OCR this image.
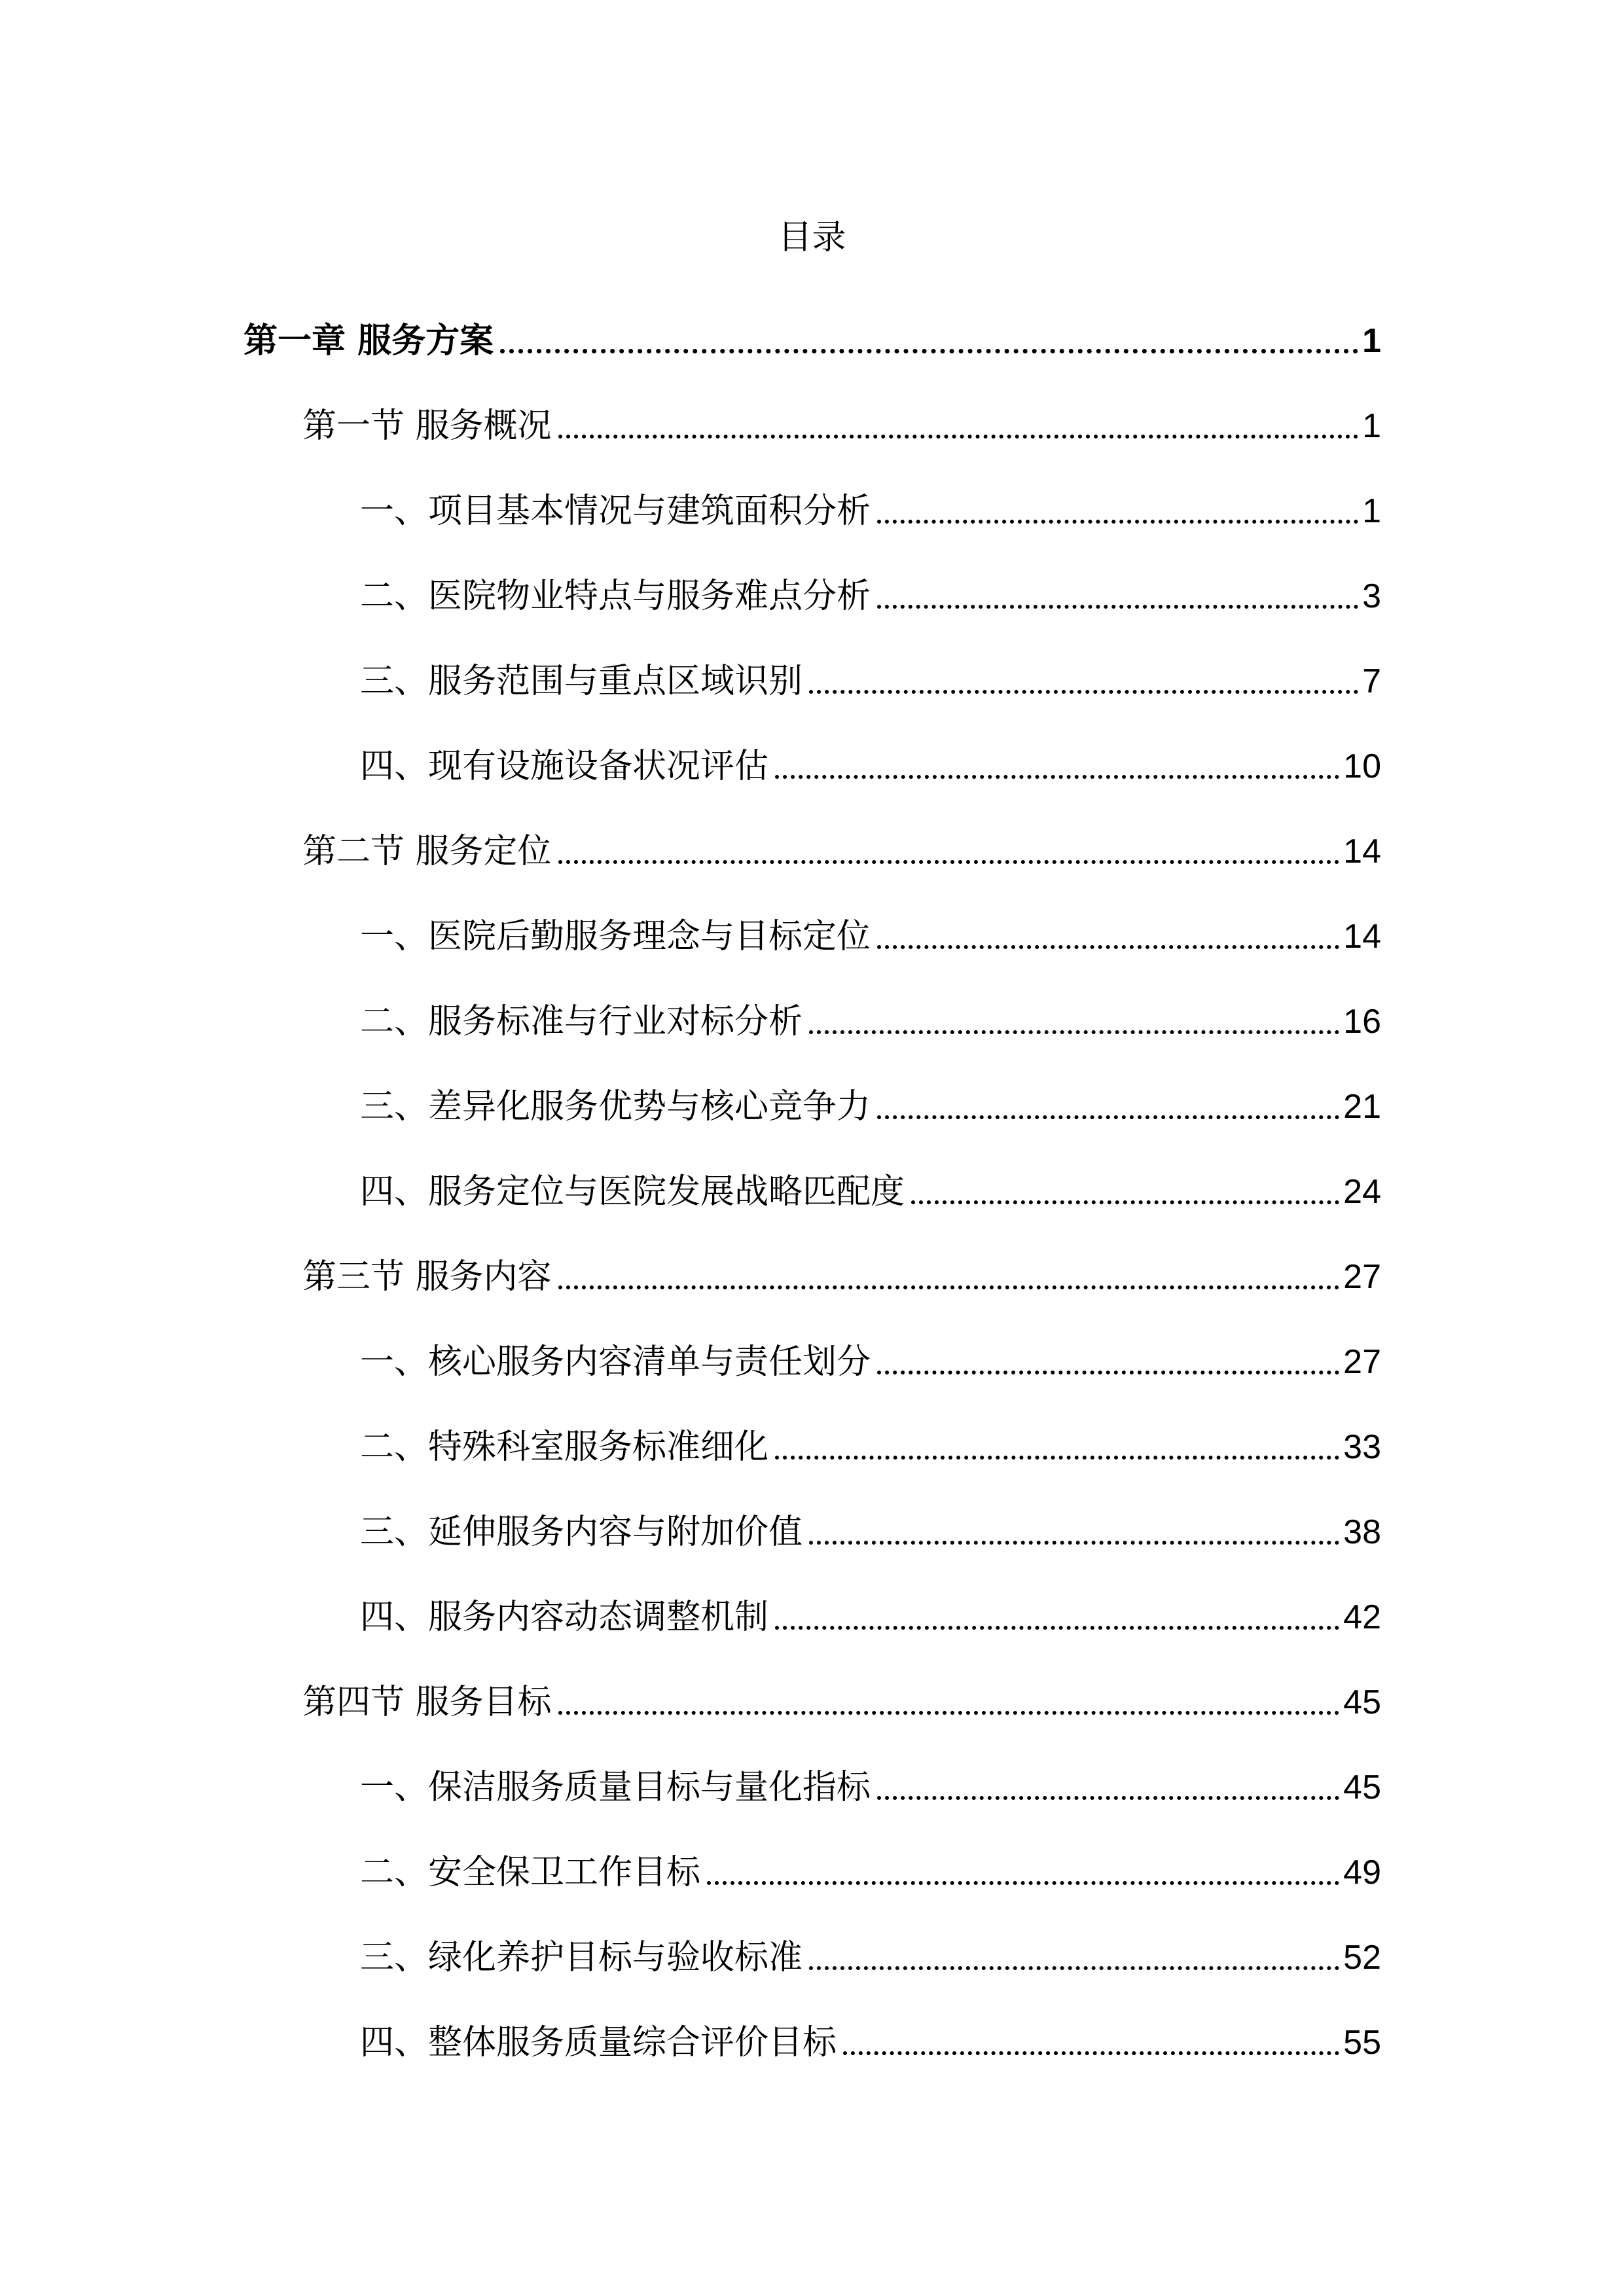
目录
第一章 服务方案	1
第一节 服务概况	1
一、项目基本情况与建筑面积分析	1
二、医院物业特点与服务难点分析	3
三、服务范围与重点区域识别	7
四、现有设施设备状况评估	10
第二节 服务定位	14
一、医院后勤服务理念与目标定位	14
二、服务标准与行业对标分析	16
三、差异化服务优势与核心竞争力	21
四、服务定位与医院发展战略匹配度	24
第三节 服务内容	27
一、核心服务内容清单与责任划分	27
二、特殊科室服务标准细化	33
三、延伸服务内容与附加价值	38
四、服务内容动态调整机制	42
第四节 服务目标	45
一、保洁服务质量目标与量化指标	45
二、安全保卫工作目标	49
三、绿化养护目标与验收标准	52
四、整体服务质量综合评价目标	55
